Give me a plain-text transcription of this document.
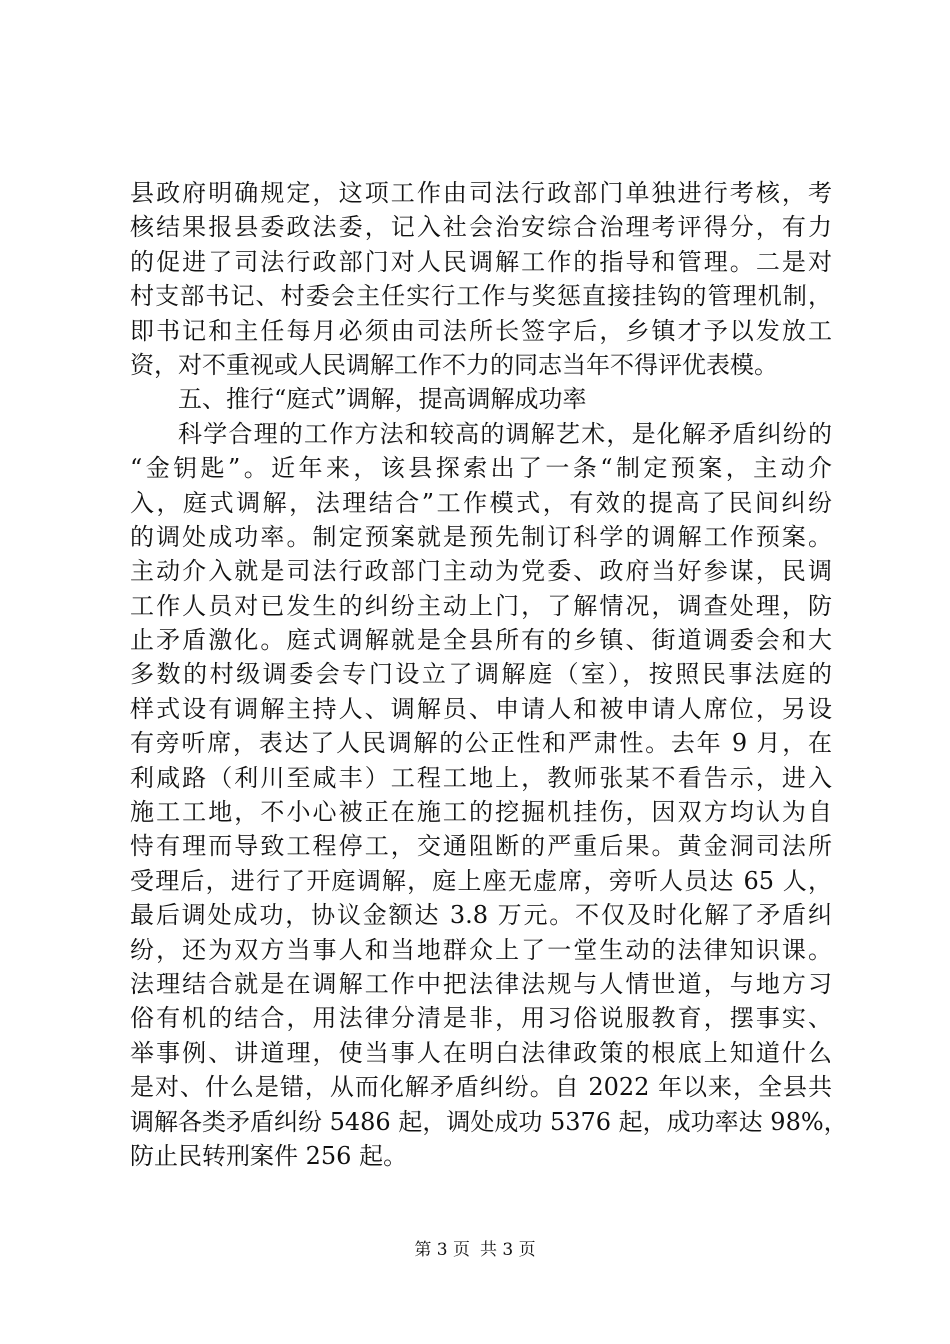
县政府明确规定，这项工作由司法行政部门单独进行考核，考
核结果报县委政法委，记入社会治安综合治理考评得分，有力
的促进了司法行政部门对人民调解工作的指导和管理。二是对
村支部书记、村委会主任实行工作与奖惩直接挂钩的管理机制，
即书记和主任每月必须由司法所长签字后，乡镇才予以发放工
资，对不重视或人民调解工作不力的同志当年不得评优表模。
五、推行“庭式”调解，提高调解成功率
科学合理的工作方法和较高的调解艺术，是化解矛盾纠纷的
“金钥匙”。近年来，该县探索出了一条“制定预案，主动介
入，庭式调解，法理结合”工作模式，有效的提高了民间纠纷
的调处成功率。制定预案就是预先制订科学的调解工作预案。
主动介入就是司法行政部门主动为党委、政府当好参谋，民调
工作人员对已发生的纠纷主动上门，了解情况，调查处理，防
止矛盾激化。庭式调解就是全县所有的乡镇、街道调委会和大
多数的村级调委会专门设立了调解庭（室），按照民事法庭的
样式设有调解主持人、调解员、申请人和被申请人席位，另设
有旁听席，表达了人民调解的公正性和严肃性。去年 9 月，在
利咸路（利川至咸丰）工程工地上，教师张某不看告示，进入
施工工地，不小心被正在施工的挖掘机挂伤，因双方均认为自
恃有理而导致工程停工，交通阻断的严重后果。黄金洞司法所
受理后，进行了开庭调解，庭上座无虚席，旁听人员达 65 人，
最后调处成功，协议金额达 3.8 万元。不仅及时化解了矛盾纠
纷，还为双方当事人和当地群众上了一堂生动的法律知识课。
法理结合就是在调解工作中把法律法规与人情世道，与地方习
俗有机的结合，用法律分清是非，用习俗说服教育，摆事实、
举事例、讲道理，使当事人在明白法律政策的根底上知道什么
是对、什么是错，从而化解矛盾纠纷。自 2022 年以来，全县共
调解各类矛盾纠纷 5486 起，调处成功 5376 起，成功率达 98%，
防止民转刑案件 256 起。
第 3 页 共 3 页
